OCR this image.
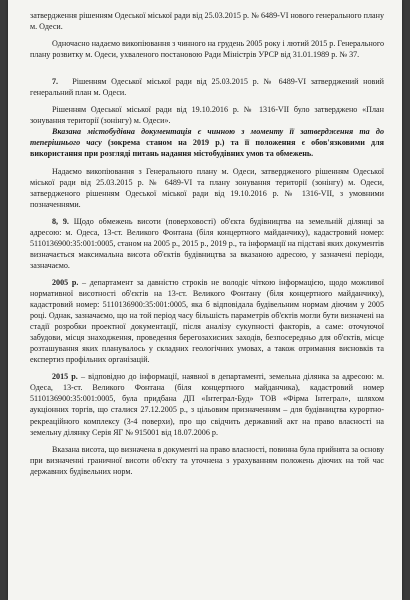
затвердження рішенням Одеської міської ради від 25.03.2015 р. № 6489-VI нового генерального плану м. Одеси.

Одночасно надаємо викопіювання з чинного на грудень 2005 року і лютий 2015 р. Генерального плану розвитку м. Одеси, ухваленого постановою Ради Міністрів УРСР від 31.01.1989 р. № 37.

7. Рішенням Одеської міської ради від 25.03.2015 р. № 6489-VI затверджений новий генеральний план м. Одеси.

Рішенням Одеської міської ради від 19.10.2016 р. № 1316-VII було затверджено «План зонування території (зонінгу) м. Одеси».

Вказана містобудівна документація є чинною з моменту її затвердження та до теперішнього часу (зокрема станом на 2019 р.) та її положення є обов'язковими для використання при розгляді питань надання містобудівних умов та обмежень.

Надаємо викопіювання з Генерального плану м. Одеси, затвердженого рішенням Одеської міської ради від 25.03.2015 р. № 6489-VI та плану зонування території (зонінгу) м. Одеси, затвердженого рішенням Одеської міської ради від 19.10.2016 р. № 1316-VII, з умовними позначеннями.

8, 9. Щодо обмежень висоти (поверховості) об'єкта будівництва на земельній ділянці за адресою: м. Одеса, 13-ст. Великого Фонтана (біля концертного майданчику), кадастровий номер: 5110136900:35:001:0005, станом на 2005 р., 2015 р., 2019 р., та інформації на підставі яких документів визначається максимальна висота об'єктів будівництва за вказаною адресою, у зазначені періоди, зазначаємо.

2005 р. – департамент за давністю строків не володіє чіткою інформацією, щодо можливої нормативної висотності об'єктів на 13-ст. Великого Фонтану (біля концертного майданчику), кадастровий номер: 5110136900:35:001:0005, яка б відповідала будівельним нормам діючим у 2005 році. Однак, зазначаємо, що на той період часу більшість параметрів об'єктів могли бути визначені на стадії розробки проектної документації, після аналізу сукупності факторів, а саме: оточуючої забудови, місця знаходження, проведення берегозахисних заходів, безпосередньо для об'єктів, місце розташування яких планувалось у складних геологічних умовах, а також отримання висновків та експертиз профільних організацій.

2015 р. – відповідно до інформації, наявної в департаменті, земельна ділянка за адресою: м. Одеса, 13-ст. Великого Фонтана (біля концертного майданчика), кадастровий номер 5110136900:35:001:0005, була придбана ДП «Інтеграл-Буд» ТОВ «Фірма Інтеграл», шляхом аукціонних торгів, що сталися 27.12.2005 р., з цільовим призначенням – для будівництва курортно-рекреаційного комплексу (3-4 поверхи), про що свідчить державний акт на право власності на земельну ділянку Серія ЯГ № 915001 від 18.07.2006 р.

Вказана висота, що визначена в документі на право власності, повинна була прийнята за основу при визначенні граничної висоти об'єкту та уточнена з урахуванням положень діючих на той час державних будівельних норм.
